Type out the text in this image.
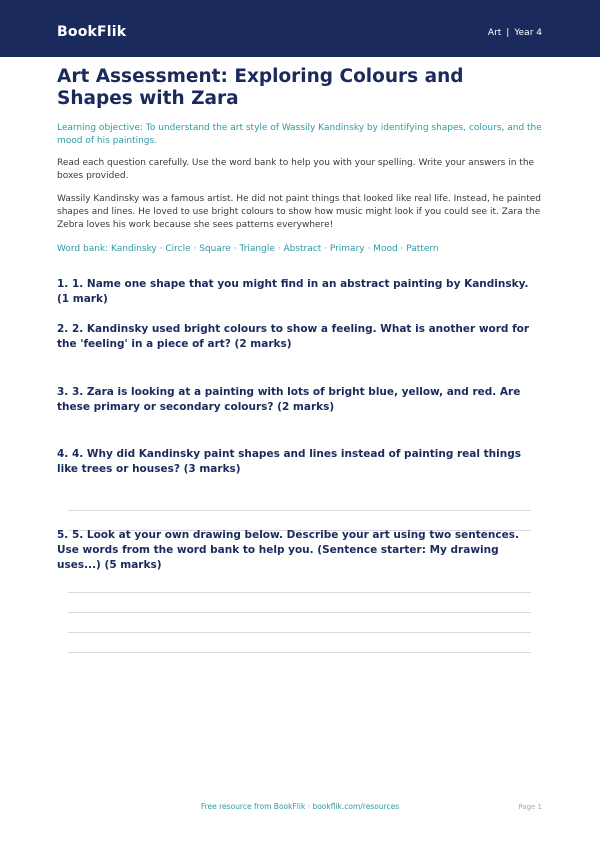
BookFlik	Art | Year 4
Art Assessment: Exploring Colours and Shapes with Zara

Learning objective: To understand the art style of Wassily Kandinsky by identifying shapes, colours, and the mood of his paintings.

Read each question carefully. Use the word bank to help you with your spelling. Write your answers in the boxes provided.

Wassily Kandinsky was a famous artist. He did not paint things that looked like real life. Instead, he painted shapes and lines. He loved to use bright colours to show how music might look if you could see it. Zara the Zebra loves his work because she sees patterns everywhere!

Word bank: Kandinsky · Circle · Square · Triangle · Abstract · Primary · Mood · Pattern

1. 1. Name one shape that you might find in an abstract painting by Kandinsky. (1 mark)

2. 2. Kandinsky used bright colours to show a feeling. What is another word for the 'feeling' in a piece of art? (2 marks)

3. 3. Zara is looking at a painting with lots of bright blue, yellow, and red. Are these primary or secondary colours? (2 marks)

4. 4. Why did Kandinsky paint shapes and lines instead of painting real things like trees or houses? (3 marks)

5. 5. Look at your own drawing below. Describe your art using two sentences. Use words from the word bank to help you. (Sentence starter: My drawing uses...) (5 marks)

Free resource from BookFlik · bookflik.com/resources	Page 1
